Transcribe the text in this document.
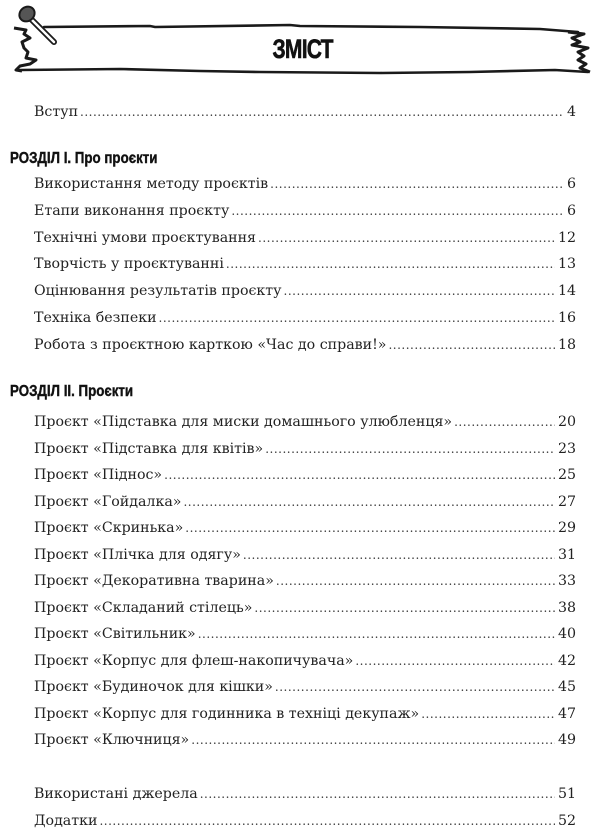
ЗМІСТ
Вступ .....	4
РОЗДІЛ І. Про проєкти
Використання методу проєктів .....	6
Етапи виконання проєкту .....	6
Технічні умови проєктування .....	12
Творчість у проєктуванні .....	13
Оцінювання результатів проєкту .....	14
Техніка безпеки .....	16
Робота з проєктною карткою «Час до справи!» .....	18
РОЗДІЛ ІІ. Проєкти
Проєкт «Підставка для миски домашнього улюбленця» .....	20
Проєкт «Підставка для квітів» .....	23
Проєкт «Піднос» .....	25
Проєкт «Гойдалка» .....	27
Проєкт «Скринька» .....	29
Проєкт «Плічка для одягу» .....	31
Проєкт «Декоративна тварина» .....	33
Проєкт «Складаний стілець» .....	38
Проєкт «Світильник» .....	40
Проєкт «Корпус для флеш-накопичувача» .....	42
Проєкт «Будиночок для кішки» .....	45
Проєкт «Корпус для годинника в техніці декупаж» .....	47
Проєкт «Ключниця» .....	49
Використані джерела .....	51
Додатки .....	52
